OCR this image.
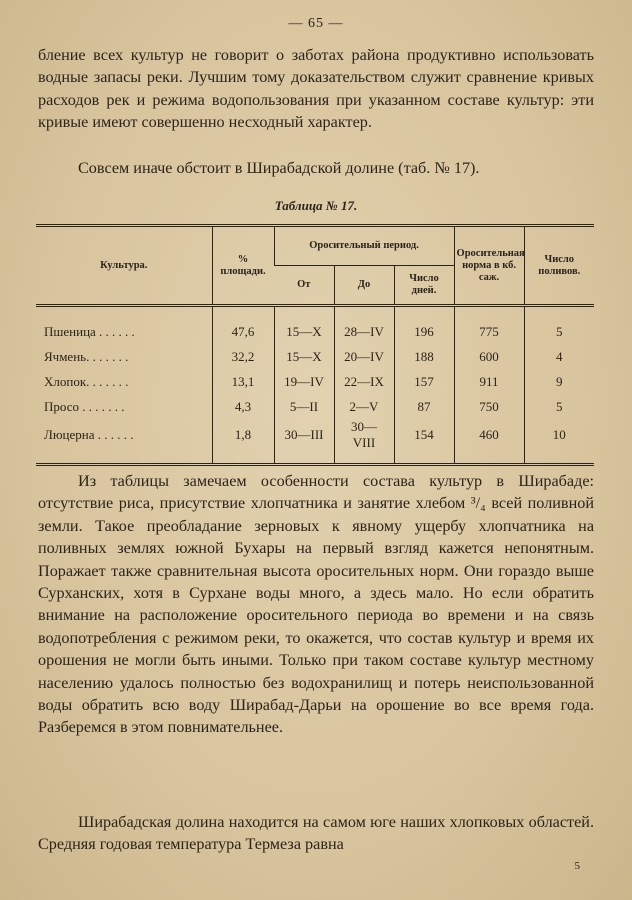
— 65 —

бление всех культур не говорит о заботах района продуктивно использовать водные запасы реки. Лучшим тому доказательством служит сравнение кривых расходов рек и режима водопользования при указанном составе культур: эти кривые имеют совершенно несходный характер.

Совсем иначе обстоит в Ширабадской долине (таб. № 17).

Таблица № 17.
Культура.	% площади.	Оросительный период.			Оросительная норма в кб. саж.	Число поливов.
		От	До	Число дней.		

Пшеница . . . . . .	47,6	15—X	28—IV	196	775	5
Ячмень. . . . . . .	32,2	15—X	20—IV	188	600	4
Хлопок. . . . . . .	13,1	19—IV	22—IX	157	911	9
Просо . . . . . . .	4,3	5—II	2—V	87	750	5
Люцерна . . . . . .	1,8	30—III	30—VIII	154	460	10

Из таблицы замечаем особенности состава культур в Ширабаде: отсутствие риса, присутствие хлопчатника и занятие хлебом ³/₄ всей поливной земли. Такое преобладание зерновых к явному ущербу хлопчатника на поливных землях южной Бухары на первый взгляд кажется непонятным. Поражает также сравнительная высота оросительных норм. Они гораздо выше Сурханских, хотя в Сурхане воды много, а здесь мало. Но если обратить внимание на расположение оросительного периода во времени и на связь водопотребления с режимом реки, то окажется, что состав культур и время их орошения не могли быть иными. Только при таком составе культур местному населению удалось полностью без водохранилищ и потерь неиспользованной воды обратить всю воду Ширабад-Дарьи на орошение во все время года. Разберемся в этом повнимательнее.

Ширабадская долина находится на самом юге наших хлопковых областей. Средняя годовая температура Термеза равна

5
